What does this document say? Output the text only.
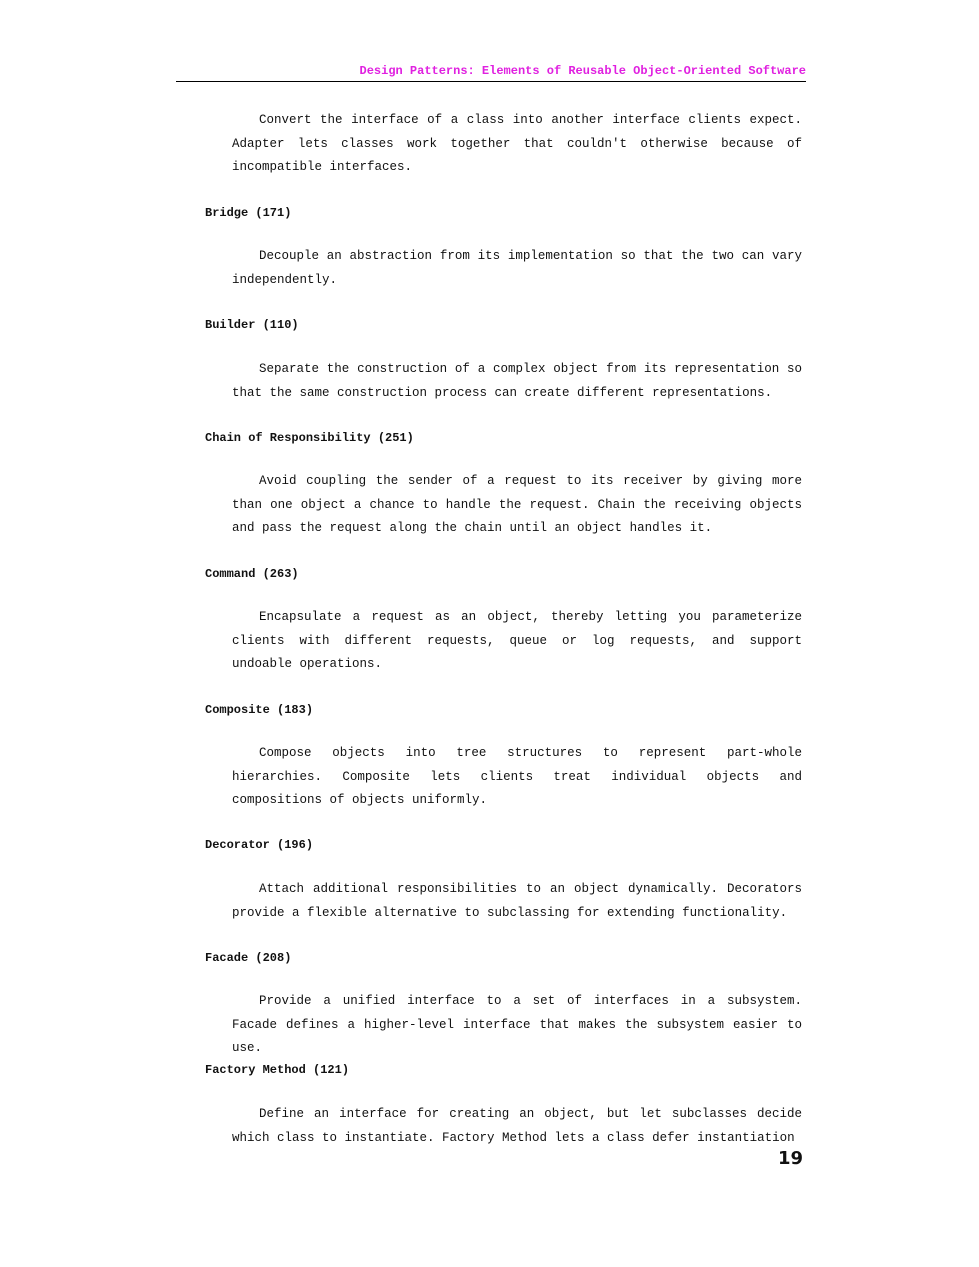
Design Patterns: Elements of Reusable Object-Oriented Software

Convert the interface of a class into another interface clients expect. Adapter lets classes work together that couldn't otherwise because of incompatible interfaces.

Bridge (171)

Decouple an abstraction from its implementation so that the two can vary independently.

Builder (110)

Separate the construction of a complex object from its representation so that the same construction process can create different representations.

Chain of Responsibility (251)

Avoid coupling the sender of a request to its receiver by giving more than one object a chance to handle the request. Chain the receiving objects and pass the request along the chain until an object handles it.

Command (263)

Encapsulate a request as an object, thereby letting you parameterize clients with different requests, queue or log requests, and support undoable operations.

Composite (183)

Compose objects into tree structures to represent part-whole hierarchies. Composite lets clients treat individual objects and compositions of objects uniformly.

Decorator (196)

Attach additional responsibilities to an object dynamically. Decorators provide a flexible alternative to subclassing for extending functionality.

Facade (208)

Provide a unified interface to a set of interfaces in a subsystem. Facade defines a higher-level interface that makes the subsystem easier to use.

Factory Method (121)

Define an interface for creating an object, but let subclasses decide which class to instantiate. Factory Method lets a class defer instantiation

19
